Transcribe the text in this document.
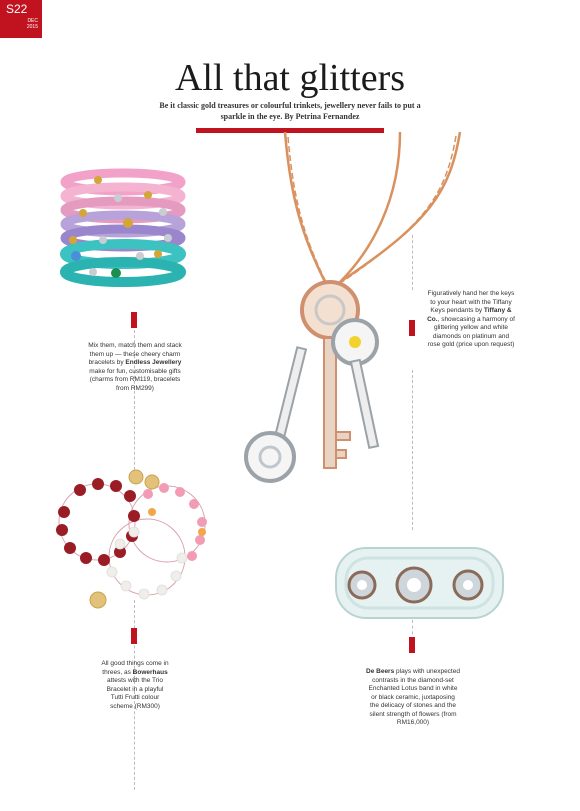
S22
DEC
2015
All that glitters
Be it classic gold treasures or colourful trinkets, jewellery never fails to put a sparkle in the eye. By Petrina Fernandez
Mix them, match them and stack them up — these cheery charm bracelets by Endless Jewellery make for fun, customisable gifts (charms from RM119, bracelets from RM299)
Figuratively hand her the keys to your heart with the Tiffany Keys pendants by Tiffany & Co., showcasing a harmony of glittering yellow and white diamonds on platinum and rose gold (price upon request)
All good things come in threes, as Bowerhaus attests with the Trio Bracelet in a playful Tutti Frutti colour scheme (RM300)
De Beers plays with unexpected contrasts in the diamond-set Enchanted Lotus band in white or black ceramic, juxtaposing the delicacy of stones and the silent strength of flowers (from RM16,000)
